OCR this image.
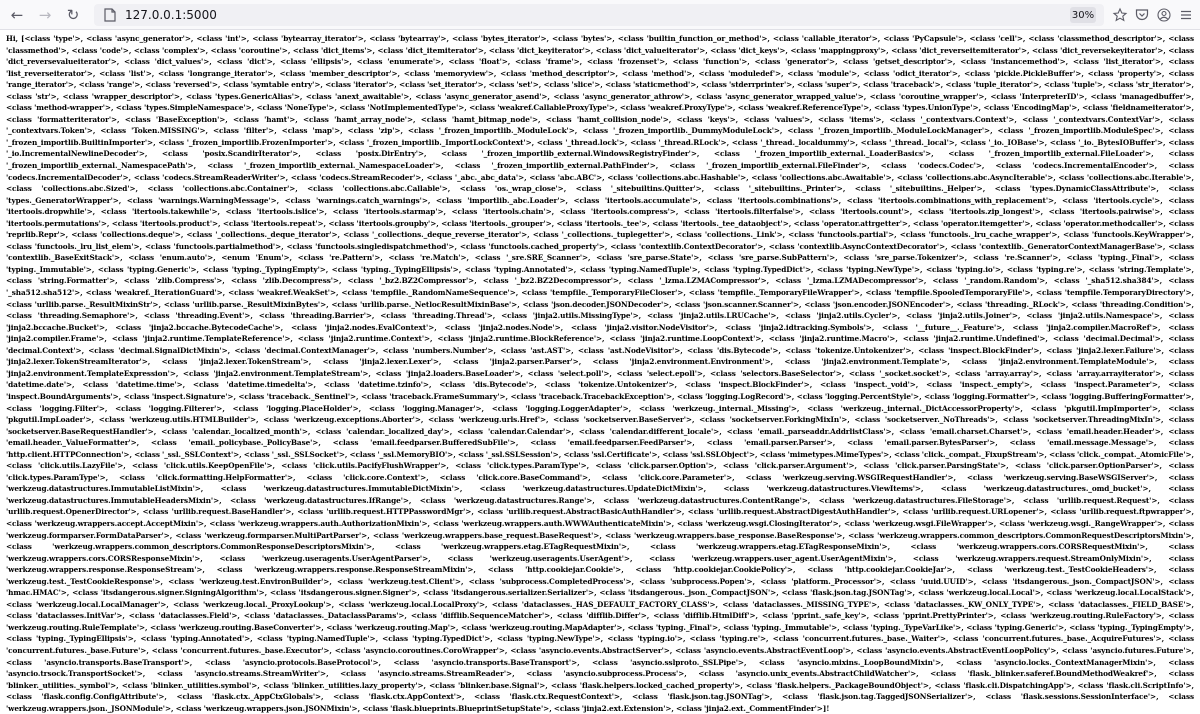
← → ↻	127.0.0.1:5000	30%

Hi, [<class 'type'>, <class 'async_generator'>, <class 'int'>, <class 'bytearray_iterator'>, <class 'bytearray'>, <class 'bytes_iterator'>, <class 'bytes'>, <class 'builtin_function_or_method'>, <class 'callable_iterator'>, <class 'PyCapsule'>, <class 'cell'>, <class 'classmethod_descriptor'>, <class 'classmethod'>, <class 'code'>, <class 'complex'>, <class 'coroutine'>, <class 'dict_items'>, <class 'dict_itemiterator'>, <class 'dict_keyiterator'>, <class 'dict_valueiterator'>, <class 'dict_keys'>, <class 'mappingproxy'>, <class 'dict_reverseitemiterator'>, <class 'dict_reversekeyiterator'>, <class 'dict_reversevalueiterator'>, <class 'dict_values'>, <class 'dict'>, <class 'ellipsis'>, <class 'enumerate'>, <class 'float'>, <class 'frame'>, <class 'frozenset'>, <class 'function'>, <class 'generator'>, <class 'getset_descriptor'>, <class 'instancemethod'>, <class 'list_iterator'>, <class 'list_reverseiterator'>, <class 'list'>, <class 'longrange_iterator'>, <class 'member_descriptor'>, <class 'memoryview'>, <class 'method_descriptor'>, <class 'method'>, <class 'moduledef'>, <class 'module'>, <class 'odict_iterator'>, <class 'pickle.PickleBuffer'>, <class 'property'>, <class 'range_iterator'>, <class 'range'>, <class 'reversed'>, <class 'symtable entry'>, <class 'iterator'>, <class 'set_iterator'>, <class 'set'>, <class 'slice'>, <class 'staticmethod'>, <class 'stderrprinter'>, <class 'super'>, <class 'traceback'>, <class 'tuple_iterator'>, <class 'tuple'>, <class 'str_iterator'>, <class 'str'>, <class 'wrapper_descriptor'>, <class 'types.GenericAlias'>, <class 'anext_awaitable'>, <class 'async_generator_asend'>, <class 'async_generator_athrow'>, <class 'async_generator_wrapped_value'>, <class 'coroutine_wrapper'>, <class 'InterpreterID'>, <class 'managedbuffer'>, <class 'method-wrapper'>, <class 'types.SimpleNamespace'>, <class 'NoneType'>, <class 'NotImplementedType'>, <class 'weakref.CallableProxyType'>, <class 'weakref.ProxyType'>, <class 'weakref.ReferenceType'>, <class 'types.UnionType'>, <class 'EncodingMap'>, <class 'fieldnameiterator'>, <class 'formatteriterator'>, <class 'BaseException'>, <class 'hamt'>, <class 'hamt_array_node'>, <class 'hamt_bitmap_node'>, <class 'hamt_collision_node'>, <class 'keys'>, <class 'values'>, <class 'items'>, <class '_contextvars.Context'>, <class '_contextvars.ContextVar'>, <class '_contextvars.Token'>, <class 'Token.MISSING'>, <class 'filter'>, <class 'map'>, <class 'zip'>, <class '_frozen_importlib._ModuleLock'>, <class '_frozen_importlib._DummyModuleLock'>, <class '_frozen_importlib._ModuleLockManager'>, <class '_frozen_importlib.ModuleSpec'>, <class '_frozen_importlib.BuiltinImporter'>, <class '_frozen_importlib.FrozenImporter'>, <class '_frozen_importlib._ImportLockContext'>, <class '_thread.lock'>, <class '_thread.RLock'>, <class '_thread._localdummy'>, <class '_thread._local'>, <class '_io._IOBase'>, <class '_io._BytesIOBuffer'>, <class '_io.IncrementalNewlineDecoder'>, <class 'posix.ScandirIterator'>, <class 'posix.DirEntry'>, <class '_frozen_importlib_external.WindowsRegistryFinder'>, <class '_frozen_importlib_external._LoaderBasics'>, <class '_frozen_importlib_external.FileLoader'>, <class '_frozen_importlib_external._NamespacePath'>, <class '_frozen_importlib_external._NamespaceLoader'>, <class '_frozen_importlib_external.PathFinder'>, <class '_frozen_importlib_external.FileFinder'>, <class 'codecs.Codec'>, <class 'codecs.IncrementalEncoder'>, <class 'codecs.IncrementalDecoder'>, <class 'codecs.StreamReaderWriter'>, <class 'codecs.StreamRecoder'>, <class '_abc._abc_data'>, <class 'abc.ABC'>, <class 'collections.abc.Hashable'>, <class 'collections.abc.Awaitable'>, <class 'collections.abc.AsyncIterable'>, <class 'collections.abc.Iterable'>, <class 'collections.abc.Sized'>, <class 'collections.abc.Container'>, <class 'collections.abc.Callable'>, <class 'os._wrap_close'>, <class '_sitebuiltins.Quitter'>, <class '_sitebuiltins._Printer'>, <class '_sitebuiltins._Helper'>, <class 'types.DynamicClassAttribute'>, <class 'types._GeneratorWrapper'>, <class 'warnings.WarningMessage'>, <class 'warnings.catch_warnings'>, <class 'importlib._abc.Loader'>, <class 'itertools.accumulate'>, <class 'itertools.combinations'>, <class 'itertools.combinations_with_replacement'>, <class 'itertools.cycle'>, <class 'itertools.dropwhile'>, <class 'itertools.takewhile'>, <class 'itertools.islice'>, <class 'itertools.starmap'>, <class 'itertools.chain'>, <class 'itertools.compress'>, <class 'itertools.filterfalse'>, <class 'itertools.count'>, <class 'itertools.zip_longest'>, <class 'itertools.pairwise'>, <class 'itertools.permutations'>, <class 'itertools.product'>, <class 'itertools.repeat'>, <class 'itertools.groupby'>, <class 'itertools._grouper'>, <class 'itertools._tee'>, <class 'itertools._tee_dataobject'>, <class 'operator.attrgetter'>, <class 'operator.itemgetter'>, <class 'operator.methodcaller'>, <class 'reprlib.Repr'>, <class 'collections.deque'>, <class '_collections._deque_iterator'>, <class '_collections._deque_reverse_iterator'>, <class '_collections._tuplegetter'>, <class 'collections._Link'>, <class 'functools.partial'>, <class 'functools._lru_cache_wrapper'>, <class 'functools.KeyWrapper'>, <class 'functools._lru_list_elem'>, <class 'functools.partialmethod'>, <class 'functools.singledispatchmethod'>, <class 'functools.cached_property'>, <class 'contextlib.ContextDecorator'>, <class 'contextlib.AsyncContextDecorator'>, <class 'contextlib._GeneratorContextManagerBase'>, <class 'contextlib._BaseExitStack'>, <class 'enum.auto'>, <enum 'Enum'>, <class 're.Pattern'>, <class 're.Match'>, <class '_sre.SRE_Scanner'>, <class 'sre_parse.State'>, <class 'sre_parse.SubPattern'>, <class 'sre_parse.Tokenizer'>, <class 're.Scanner'>, <class 'typing._Final'>, <class 'typing._Immutable'>, <class 'typing.Generic'>, <class 'typing._TypingEmpty'>, <class 'typing._TypingEllipsis'>, <class 'typing.Annotated'>, <class 'typing.NamedTuple'>, <class 'typing.TypedDict'>, <class 'typing.NewType'>, <class 'typing.io'>, <class 'typing.re'>, <class 'string.Template'>, <class 'string.Formatter'>, <class 'zlib.Compress'>, <class 'zlib.Decompress'>, <class '_bz2.BZ2Compressor'>, <class '_bz2.BZ2Decompressor'>, <class '_lzma.LZMACompressor'>, <class '_lzma.LZMADecompressor'>, <class '_random.Random'>, <class '_sha512.sha384'>, <class '_sha512.sha512'>, <class 'weakref._IterationGuard'>, <class 'weakref.WeakSet'>, <class 'tempfile._RandomNameSequence'>, <class 'tempfile._TemporaryFileCloser'>, <class 'tempfile._TemporaryFileWrapper'>, <class 'tempfile.SpooledTemporaryFile'>, <class 'tempfile.TemporaryDirectory'>, <class 'urllib.parse._ResultMixinStr'>, <class 'urllib.parse._ResultMixinBytes'>, <class 'urllib.parse._NetlocResultMixinBase'>, <class 'json.decoder.JSONDecoder'>, <class 'json.scanner.Scanner'>, <class 'json.encoder.JSONEncoder'>, <class 'threading._RLock'>, <class 'threading.Condition'>, <class 'threading.Semaphore'>, <class 'threading.Event'>, <class 'threading.Barrier'>, <class 'threading.Thread'>, <class 'jinja2.utils.MissingType'>, <class 'jinja2.utils.LRUCache'>, <class 'jinja2.utils.Cycler'>, <class 'jinja2.utils.Joiner'>, <class 'jinja2.utils.Namespace'>, <class 'jinja2.bccache.Bucket'>, <class 'jinja2.bccache.BytecodeCache'>, <class 'jinja2.nodes.EvalContext'>, <class 'jinja2.nodes.Node'>, <class 'jinja2.visitor.NodeVisitor'>, <class 'jinja2.idtracking.Symbols'>, <class '__future__._Feature'>, <class 'jinja2.compiler.MacroRef'>, <class 'jinja2.compiler.Frame'>, <class 'jinja2.runtime.TemplateReference'>, <class 'jinja2.runtime.Context'>, <class 'jinja2.runtime.BlockReference'>, <class 'jinja2.runtime.LoopContext'>, <class 'jinja2.runtime.Macro'>, <class 'jinja2.runtime.Undefined'>, <class 'decimal.Decimal'>, <class 'decimal.Context'>, <class 'decimal.SignalDictMixin'>, <class 'decimal.ContextManager'>, <class 'numbers.Number'>, <class 'ast.AST'>, <class 'ast.NodeVisitor'>, <class 'dis.Bytecode'>, <class 'tokenize.Untokenizer'>, <class 'inspect.BlockFinder'>, <class 'jinja2.lexer.Failure'>, <class 'jinja2.lexer.TokenStreamIterator'>, <class 'jinja2.lexer.TokenStream'>, <class 'jinja2.lexer.Lexer'>, <class 'jinja2.parser.Parser'>, <class 'jinja2.environment.Environment'>, <class 'jinja2.environment.Template'>, <class 'jinja2.environment.TemplateModule'>, <class 'jinja2.environment.TemplateExpression'>, <class 'jinja2.environment.TemplateStream'>, <class 'jinja2.loaders.BaseLoader'>, <class 'select.poll'>, <class 'select.epoll'>, <class 'selectors.BaseSelector'>, <class '_socket.socket'>, <class 'array.array'>, <class 'array.arrayiterator'>, <class 'datetime.date'>, <class 'datetime.time'>, <class 'datetime.timedelta'>, <class 'datetime.tzinfo'>, <class 'dis.Bytecode'>, <class 'tokenize.Untokenizer'>, <class 'inspect.BlockFinder'>, <class 'inspect._void'>, <class 'inspect._empty'>, <class 'inspect.Parameter'>, <class 'inspect.BoundArguments'>, <class 'inspect.Signature'>, <class 'traceback._Sentinel'>, <class 'traceback.FrameSummary'>, <class 'traceback.TracebackException'>, <class 'logging.LogRecord'>, <class 'logging.PercentStyle'>, <class 'logging.Formatter'>, <class 'logging.BufferingFormatter'>, <class 'logging.Filter'>, <class 'logging.Filterer'>, <class 'logging.PlaceHolder'>, <class 'logging.Manager'>, <class 'logging.LoggerAdapter'>, <class 'werkzeug._internal._Missing'>, <class 'werkzeug._internal._DictAccessorProperty'>, <class 'pkgutil.ImpImporter'>, <class 'pkgutil.ImpLoader'>, <class 'werkzeug.utils.HTMLBuilder'>, <class 'werkzeug.exceptions.Aborter'>, <class 'werkzeug.urls.Href'>, <class 'socketserver.BaseServer'>, <class 'socketserver.ForkingMixIn'>, <class 'socketserver._NoThreads'>, <class 'socketserver.ThreadingMixIn'>, <class 'socketserver.BaseRequestHandler'>, <class 'calendar._localized_month'>, <class 'calendar._localized_day'>, <class 'calendar.Calendar'>, <class 'calendar.different_locale'>, <class 'email._parseaddr.AddrlistClass'>, <class 'email.charset.Charset'>, <class 'email.header.Header'>, <class 'email.header._ValueFormatter'>, <class 'email._policybase._PolicyBase'>, <class 'email.feedparser.BufferedSubFile'>, <class 'email.feedparser.FeedParser'>, <class 'email.parser.Parser'>, <class 'email.parser.BytesParser'>, <class 'email.message.Message'>, <class 'http.client.HTTPConnection'>, <class '_ssl._SSLContext'>, <class '_ssl._SSLSocket'>, <class '_ssl.MemoryBIO'>, <class '_ssl.SSLSession'>, <class 'ssl.Certificate'>, <class 'ssl.SSLObject'>, <class 'mimetypes.MimeTypes'>, <class 'click._compat._FixupStream'>, <class 'click._compat._AtomicFile'>, <class 'click.utils.LazyFile'>, <class 'click.utils.KeepOpenFile'>, <class 'click.utils.PacifyFlushWrapper'>, <class 'click.types.ParamType'>, <class 'click.parser.Option'>, <class 'click.parser.Argument'>, <class 'click.parser.ParsingState'>, <class 'click.parser.OptionParser'>, <class 'click.types.ParamType'>, <class 'click.formatting.HelpFormatter'>, <class 'click.core.Context'>, <class 'click.core.BaseCommand'>, <class 'click.core.Parameter'>, <class 'werkzeug.serving.WSGIRequestHandler'>, <class 'werkzeug.serving.BaseWSGIServer'>, <class 'werkzeug.datastructures.ImmutableListMixin'>, <class 'werkzeug.datastructures.ImmutableDictMixin'>, <class 'werkzeug.datastructures.UpdateDictMixin'>, <class 'werkzeug.datastructures.ViewItems'>, <class 'werkzeug.datastructures._omd_bucket'>, <class 'werkzeug.datastructures.ImmutableHeadersMixin'>, <class 'werkzeug.datastructures.IfRange'>, <class 'werkzeug.datastructures.Range'>, <class 'werkzeug.datastructures.ContentRange'>, <class 'werkzeug.datastructures.FileStorage'>, <class 'urllib.request.Request'>, <class 'urllib.request.OpenerDirector'>, <class 'urllib.request.BaseHandler'>, <class 'urllib.request.HTTPPasswordMgr'>, <class 'urllib.request.AbstractBasicAuthHandler'>, <class 'urllib.request.AbstractDigestAuthHandler'>, <class 'urllib.request.URLopener'>, <class 'urllib.request.ftpwrapper'>, <class 'werkzeug.wrappers.accept.AcceptMixin'>, <class 'werkzeug.wrappers.auth.AuthorizationMixin'>, <class 'werkzeug.wrappers.auth.WWWAuthenticateMixin'>, <class 'werkzeug.wsgi.ClosingIterator'>, <class 'werkzeug.wsgi.FileWrapper'>, <class 'werkzeug.wsgi._RangeWrapper'>, <class 'werkzeug.formparser.FormDataParser'>, <class 'werkzeug.formparser.MultiPartParser'>, <class 'werkzeug.wrappers.base_request.BaseRequest'>, <class 'werkzeug.wrappers.base_response.BaseResponse'>, <class 'werkzeug.wrappers.common_descriptors.CommonRequestDescriptorsMixin'>, <class 'werkzeug.wrappers.common_descriptors.CommonResponseDescriptorsMixin'>, <class 'werkzeug.wrappers.etag.ETagRequestMixin'>, <class 'werkzeug.wrappers.etag.ETagResponseMixin'>, <class 'werkzeug.wrappers.cors.CORSRequestMixin'>, <class 'werkzeug.wrappers.cors.CORSResponseMixin'>, <class 'werkzeug.useragents.UserAgentParser'>, <class 'werkzeug.useragents.UserAgent'>, <class 'werkzeug.wrappers.user_agent.UserAgentMixin'>, <class 'werkzeug.wrappers.request.StreamOnlyMixin'>, <class 'werkzeug.wrappers.response.ResponseStream'>, <class 'werkzeug.wrappers.response.ResponseStreamMixin'>, <class 'http.cookiejar.Cookie'>, <class 'http.cookiejar.CookiePolicy'>, <class 'http.cookiejar.CookieJar'>, <class 'werkzeug.test._TestCookieHeaders'>, <class 'werkzeug.test._TestCookieResponse'>, <class 'werkzeug.test.EnvironBuilder'>, <class 'werkzeug.test.Client'>, <class 'subprocess.CompletedProcess'>, <class 'subprocess.Popen'>, <class 'platform._Processor'>, <class 'uuid.UUID'>, <class 'itsdangerous._json._CompactJSON'>, <class 'hmac.HMAC'>, <class 'itsdangerous.signer.SigningAlgorithm'>, <class 'itsdangerous.signer.Signer'>, <class 'itsdangerous.serializer.Serializer'>, <class 'itsdangerous._json._CompactJSON'>, <class 'flask.json.tag.JSONTag'>, <class 'werkzeug.local.Local'>, <class 'werkzeug.local.LocalStack'>, <class 'werkzeug.local.LocalManager'>, <class 'werkzeug.local._ProxyLookup'>, <class 'werkzeug.local.LocalProxy'>, <class 'dataclasses._HAS_DEFAULT_FACTORY_CLASS'>, <class 'dataclasses._MISSING_TYPE'>, <class 'dataclasses._KW_ONLY_TYPE'>, <class 'dataclasses._FIELD_BASE'>, <class 'dataclasses.InitVar'>, <class 'dataclasses.Field'>, <class 'dataclasses._DataclassParams'>, <class 'difflib.SequenceMatcher'>, <class 'difflib.Differ'>, <class 'difflib.HtmlDiff'>, <class 'pprint._safe_key'>, <class 'pprint.PrettyPrinter'>, <class 'werkzeug.routing.RuleFactory'>, <class 'werkzeug.routing.RuleTemplate'>, <class 'werkzeug.routing.BaseConverter'>, <class 'werkzeug.routing.Map'>, <class 'werkzeug.routing.MapAdapter'>, <class 'typing._Final'>, <class 'typing._Immutable'>, <class 'typing._TypeVarLike'>, <class 'typing.Generic'>, <class 'typing._TypingEmpty'>, <class 'typing._TypingEllipsis'>, <class 'typing.Annotated'>, <class 'typing.NamedTuple'>, <class 'typing.TypedDict'>, <class 'typing.NewType'>, <class 'typing.io'>, <class 'typing.re'>, <class 'concurrent.futures._base._Waiter'>, <class 'concurrent.futures._base._AcquireFutures'>, <class 'concurrent.futures._base.Future'>, <class 'concurrent.futures._base.Executor'>, <class 'asyncio.coroutines.CoroWrapper'>, <class 'asyncio.events.AbstractServer'>, <class 'asyncio.events.AbstractEventLoop'>, <class 'asyncio.events.AbstractEventLoopPolicy'>, <class 'asyncio.futures.Future'>, <class 'asyncio.transports.BaseTransport'>, <class 'asyncio.protocols.BaseProtocol'>, <class 'asyncio.transports.BaseTransport'>, <class 'asyncio.sslproto._SSLPipe'>, <class 'asyncio.mixins._LoopBoundMixin'>, <class 'asyncio.locks._ContextManagerMixin'>, <class 'asyncio.trsock.TransportSocket'>, <class 'asyncio.streams.StreamWriter'>, <class 'asyncio.streams.StreamReader'>, <class 'asyncio.subprocess.Process'>, <class 'asyncio.unix_events.AbstractChildWatcher'>, <class 'flask._blinker.saferef.BoundMethodWeakref'>, <class 'blinker._utilities._symbol'>, <class 'blinker._utilities.symbol'>, <class 'blinker._utilities.lazy_property'>, <class 'blinker.base.Signal'>, <class 'flask.helpers.locked_cached_property'>, <class 'flask.helpers._PackageBoundObject'>, <class 'flask.cli.DispatchingApp'>, <class 'flask.cli.ScriptInfo'>, <class 'flask.config.ConfigAttribute'>, <class 'flask.ctx._AppCtxGlobals'>, <class 'flask.ctx.AppContext'>, <class 'flask.ctx.RequestContext'>, <class 'flask.json.tag.JSONTag'>, <class 'flask.json.tag.TaggedJSONSerializer'>, <class 'flask.sessions.SessionInterface'>, <class 'werkzeug.wrappers.json._JSONModule'>, <class 'werkzeug.wrappers.json.JSONMixin'>, <class 'flask.blueprints.BlueprintSetupState'>, <class 'jinja2.ext.Extension'>, <class 'jinja2.ext._CommentFinder'>]!
